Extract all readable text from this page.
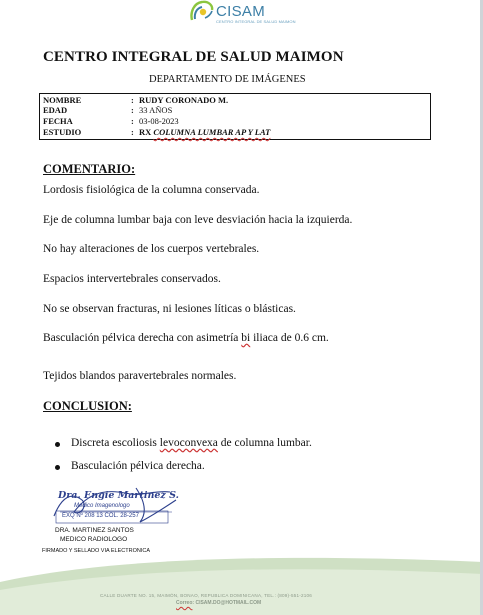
CISAM
CENTRO INTEGRAL DE SALUD MAIMON
CENTRO INTEGRAL DE SALUD MAIMON
DEPARTAMENTO DE IMÁGENES
NOMBRE	: RUDY CORONADO M.
EDAD	: 33 AÑOS
FECHA	: 03-08-2023
ESTUDIO	: RX COLUMNA LUMBAR AP Y LAT
COMENTARIO:
Lordosis fisiológica de la columna conservada.
Eje de columna lumbar baja con leve desviación hacia la izquierda.
No hay alteraciones de los cuerpos vertebrales.
Espacios intervertebrales conservados.
No se observan fracturas, ni lesiones líticas o blásticas.
Basculación pélvica derecha con asimetría bi iliaca de 0.6 cm.
Tejidos blandos paravertebrales normales.
CONCLUSION:
Discreta escoliosis levoconvexa de columna lumbar.
Basculación pélvica derecha.
Dra. Engie Martinez S.
Medico Imagenologo
EXQ Nº 208 13 COL. 28-257
DRA. MARTINEZ SANTOS
MEDICO RADIOLOGO
FIRMADO Y SELLADO VIA ELECTRONICA
CALLE DUARTE NO. 15, MAIMÓN, BONAO, REPUBLICA DOMINICANA, TEL.: (809)-551-2106
Correo: CISAM.DO@HOTMAIL.COM
